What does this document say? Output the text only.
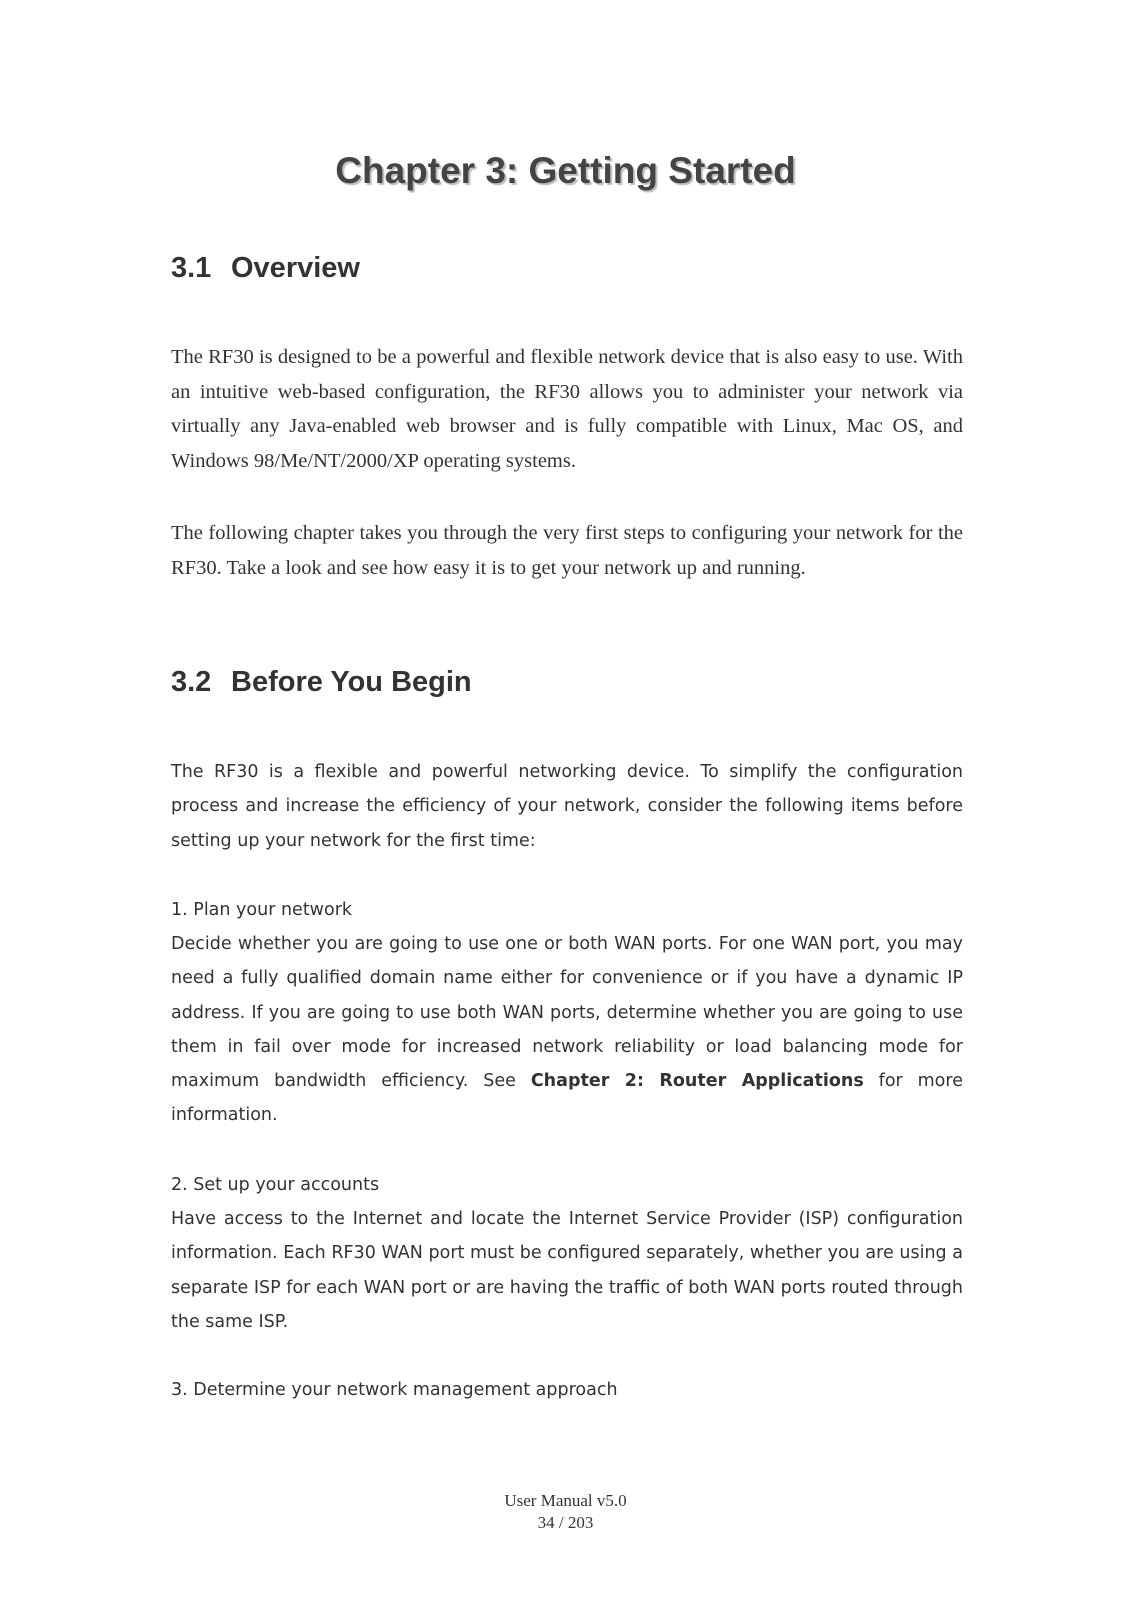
Chapter 3: Getting Started
3.1 Overview

The RF30 is designed to be a powerful and flexible network device that is also easy to use. With an intuitive web-based configuration, the RF30 allows you to administer your network via virtually any Java-enabled web browser and is fully compatible with Linux, Mac OS, and Windows 98/Me/NT/2000/XP operating systems.

The following chapter takes you through the very first steps to configuring your network for the RF30. Take a look and see how easy it is to get your network up and running.

3.2 Before You Begin

The RF30 is a flexible and powerful networking device. To simplify the configuration process and increase the efficiency of your network, consider the following items before setting up your network for the first time:

1. Plan your network

Decide whether you are going to use one or both WAN ports. For one WAN port, you may need a fully qualified domain name either for convenience or if you have a dynamic IP address. If you are going to use both WAN ports, determine whether you are going to use them in fail over mode for increased network reliability or load balancing mode for maximum bandwidth efficiency. See Chapter 2: Router Applications for more information.

2. Set up your accounts

Have access to the Internet and locate the Internet Service Provider (ISP) configuration information. Each RF30 WAN port must be configured separately, whether you are using a separate ISP for each WAN port or are having the traffic of both WAN ports routed through the same ISP.

3. Determine your network management approach

User Manual v5.0
34 / 203
